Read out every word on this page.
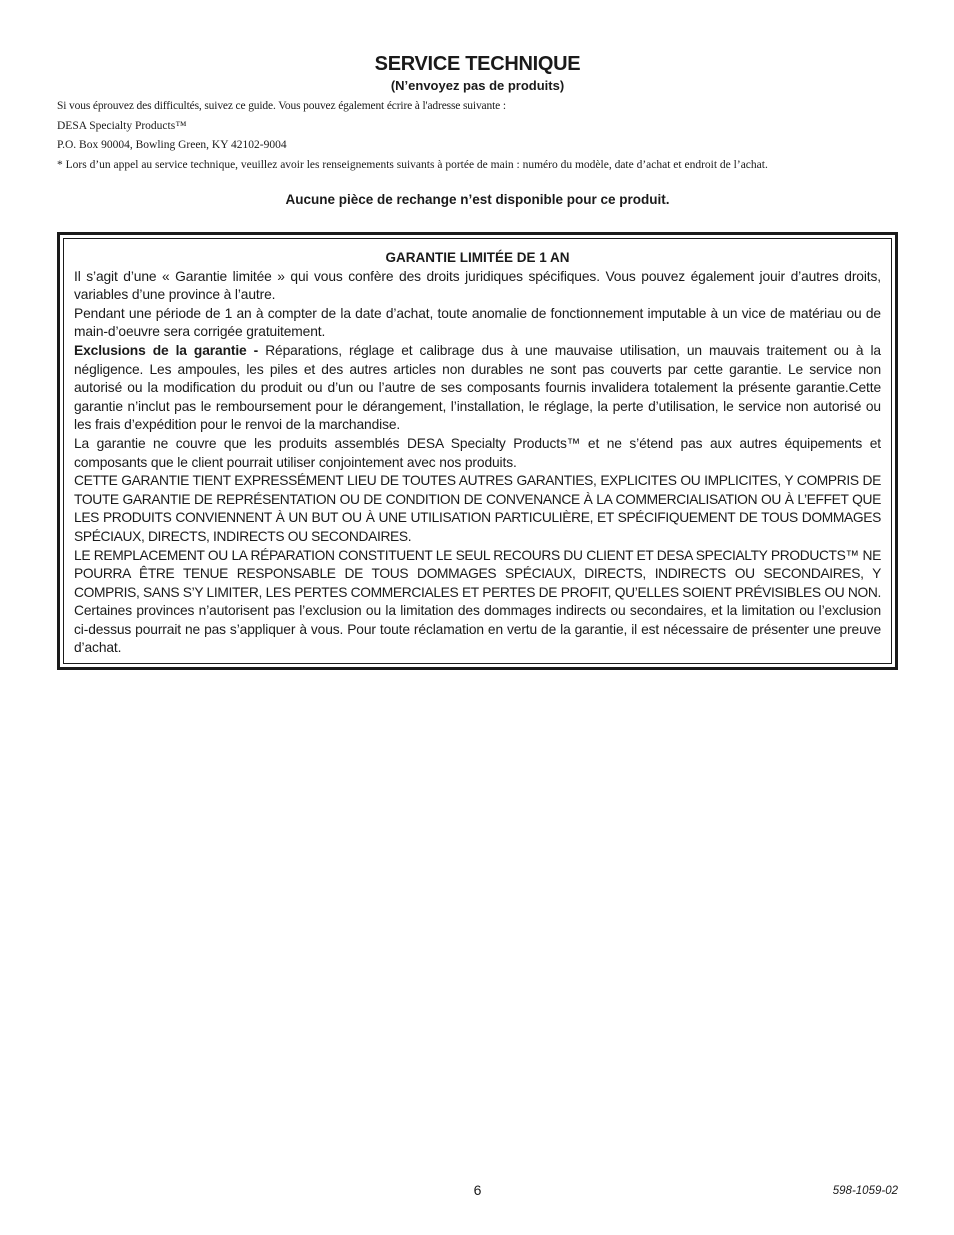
SERVICE TECHNIQUE
(N’envoyez pas de produits)

Si vous éprouvez des difficultés, suivez ce guide. Vous pouvez également écrire à l'adresse suivante :

DESA Specialty Products™

P.O. Box 90004, Bowling Green, KY 42102-9004

* Lors d’un appel au service technique, veuillez avoir les renseignements suivants à portée de main : numéro du modèle, date d’achat et endroit de l’achat.

Aucune pièce de rechange n’est disponible pour ce produit.

GARANTIE LIMITÉE DE 1 AN

Il s’agit d’une « Garantie limitée » qui vous confère des droits juridiques spécifiques. Vous pouvez également jouir d’autres droits, variables d’une province à l’autre.

Pendant une période de 1 an à compter de la date d’achat, toute anomalie de fonctionnement imputable à un vice de matériau ou de main-d’oeuvre sera corrigée gratuitement.

Exclusions de la garantie - Réparations, réglage et calibrage dus à une mauvaise utilisation, un mauvais traitement ou à la négligence. Les ampoules, les piles et des autres articles non durables ne sont pas couverts par cette garantie. Le service non autorisé ou la modification du produit ou d’un ou l’autre de ses composants fournis invalidera totalement la présente garantie.Cette garantie n’inclut pas le remboursement pour le dérangement, l’installation, le réglage, la perte d’utilisation, le service non autorisé ou les frais d’expédition pour le renvoi de la marchandise.

La garantie ne couvre que les produits assemblés DESA Specialty Products™ et ne s’étend pas aux autres équipements et composants que le client pourrait utiliser conjointement avec nos produits.

CETTE GARANTIE TIENT EXPRESSÉMENT LIEU DE TOUTES AUTRES GARANTIES, EXPLICITES OU IMPLICITES, Y COMPRIS DE TOUTE GARANTIE DE REPRÉSENTATION OU DE CONDITION DE CONVENANCE À LA COMMERCIALISATION OU À L’EFFET QUE LES PRODUITS CONVIENNENT À UN BUT OU À UNE UTILISATION PARTICULIÈRE, ET SPÉCIFIQUEMENT DE TOUS DOMMAGES SPÉCIAUX, DIRECTS, INDIRECTS OU SECONDAIRES.

LE REMPLACEMENT OU LA RÉPARATION CONSTITUENT LE SEUL RECOURS DU CLIENT ET DESA SPECIALTY PRODUCTS™ NE POURRA ÊTRE TENUE RESPONSABLE DE TOUS DOMMAGES SPÉCIAUX, DIRECTS, INDIRECTS OU SECONDAIRES, Y COMPRIS, SANS S’Y LIMITER, LES PERTES COMMERCIALES ET PERTES DE PROFIT, QU’ELLES SOIENT PRÉVISIBLES OU NON. Certaines provinces n’autorisent pas l’exclusion ou la limitation des dommages indirects ou secondaires, et la limitation ou l’exclusion ci-dessus pourrait ne pas s’appliquer à vous. Pour toute réclamation en vertu de la garantie, il est nécessaire de présenter une preuve d’achat.

6	598-1059-02
